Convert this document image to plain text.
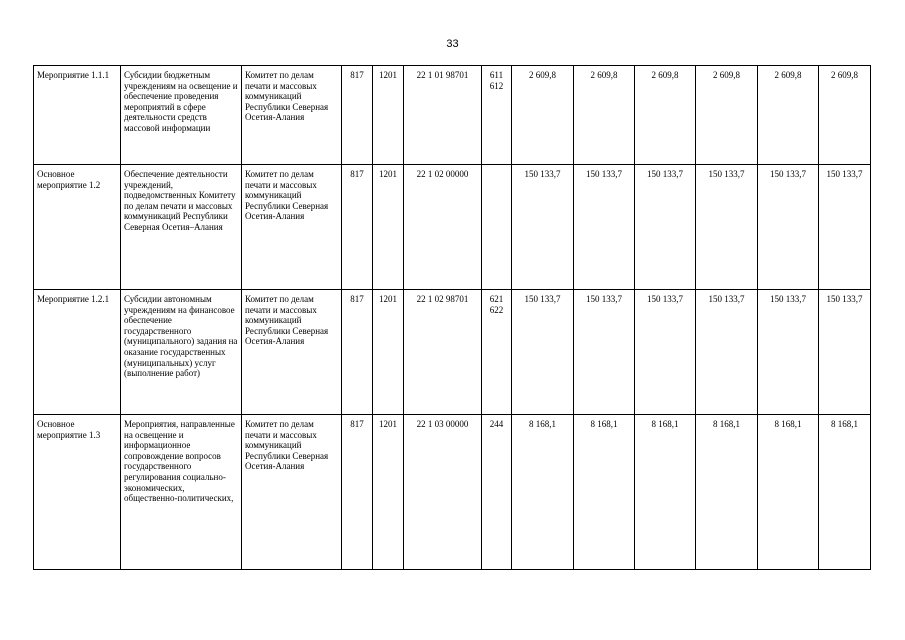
33
Мероприятие 1.1.1	Субсидии бюджетным учреждениям на освещение и обеспечение проведения мероприятий в сфере деятельности средств массовой информации	Комитет по делам печати и массовых коммуникаций Республики Северная Осетия-Алания	817	1201	22 1 01 98701	611 612	2 609,8	2 609,8	2 609,8	2 609,8	2 609,8	2 609,8
Основное мероприятие 1.2	Обеспечение деятельности учреждений, подведомственных Комитету по делам печати и массовых коммуникаций Республики Северная Осетия–Алания	Комитет по делам печати и массовых коммуникаций Республики Северная Осетия-Алания	817	1201	22 1 02 00000		150 133,7	150 133,7	150 133,7	150 133,7	150 133,7	150 133,7
Мероприятие 1.2.1	Субсидии автономным учреждениям на финансовое обеспечение государственного (муниципального) задания на оказание государственных (муниципальных) услуг (выполнение работ)	Комитет по делам печати и массовых коммуникаций Республики Северная Осетия-Алания	817	1201	22 1 02 98701	621 622	150 133,7	150 133,7	150 133,7	150 133,7	150 133,7	150 133,7
Основное мероприятие 1.3	Мероприятия, направленные на освещение и информационное сопровождение вопросов государственного регулирования социально-экономических, общественно-политических,	Комитет по делам печати и массовых коммуникаций Республики Северная Осетия-Алания	817	1201	22 1 03 00000	244	8 168,1	8 168,1	8 168,1	8 168,1	8 168,1	8 168,1
